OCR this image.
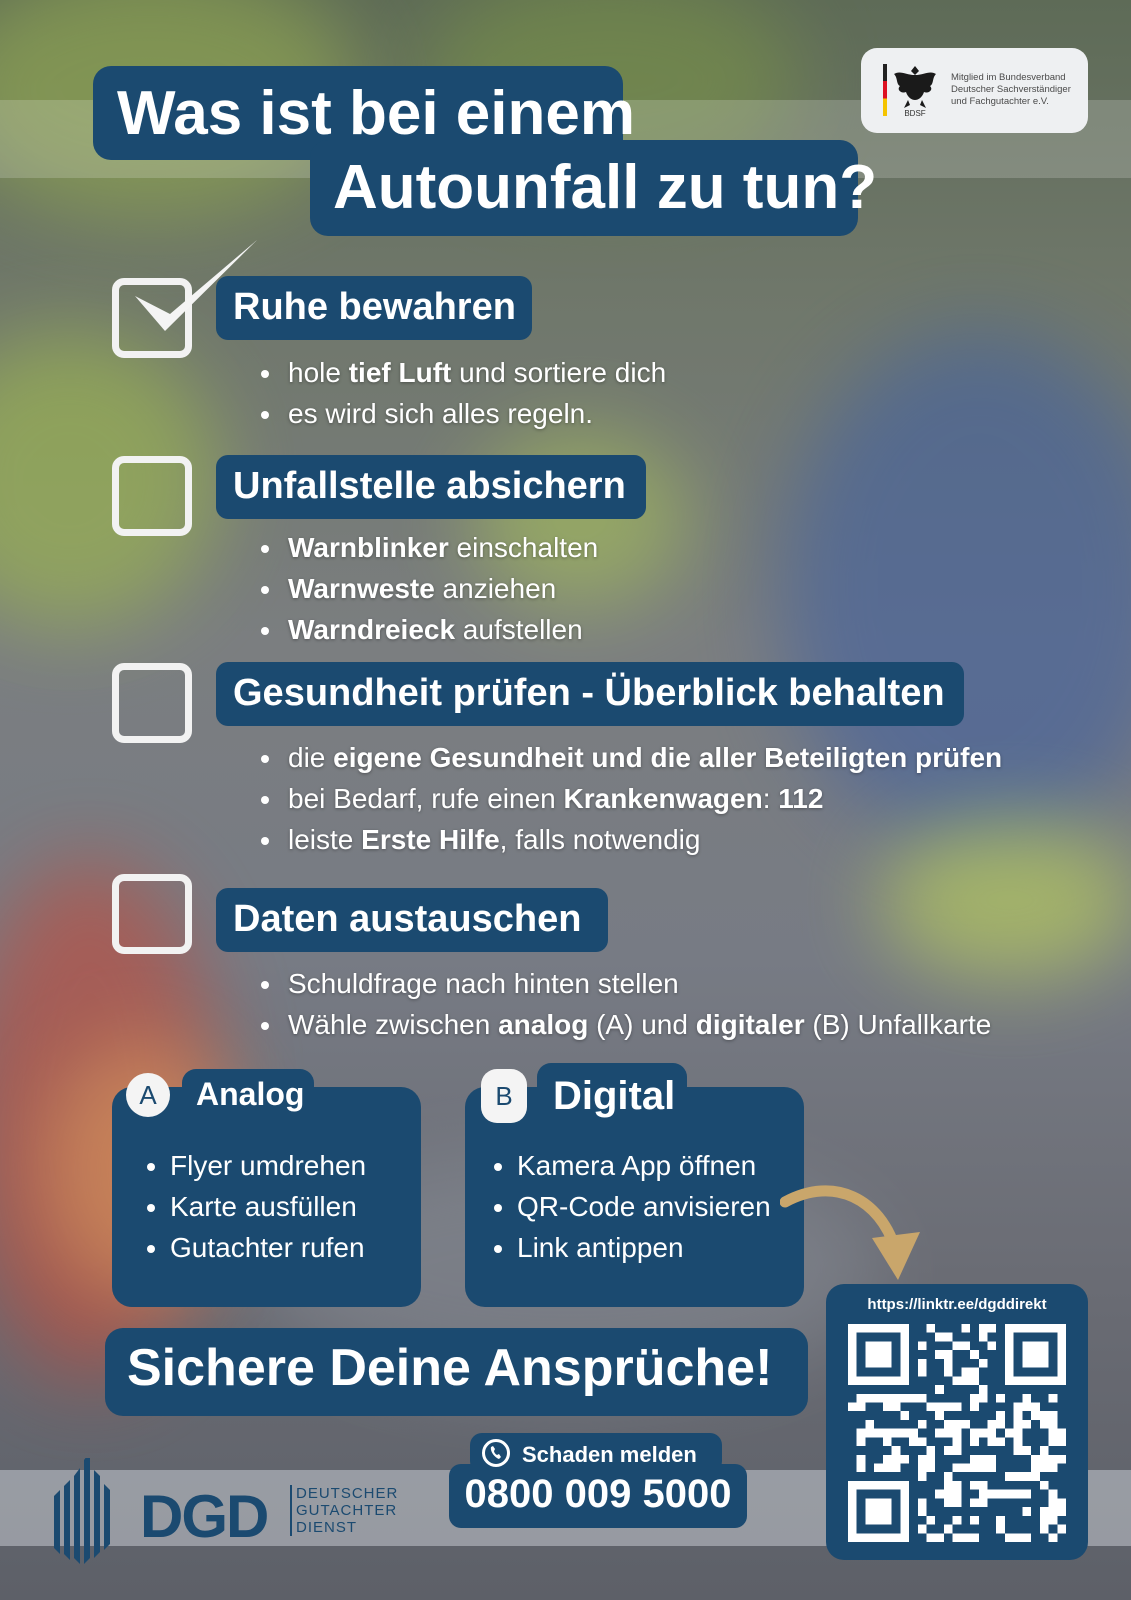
Was ist bei einem
Autounfall zu tun?
BDSF
Mitglied im Bundesverband
Deutscher Sachverständiger
und Fachgutachter e.V.
Ruhe bewahren
• hole tief Luft und sortiere dich
• es wird sich alles regeln.
Unfallstelle absichern
• Warnblinker einschalten
• Warnweste anziehen
• Warndreieck aufstellen
Gesundheit prüfen - Überblick behalten
• die eigene Gesundheit und die aller Beteiligten prüfen
• bei Bedarf, rufe einen Krankenwagen: 112
• leiste Erste Hilfe, falls notwendig
Daten austauschen
• Schuldfrage nach hinten stellen
• Wähle zwischen analog (A) und digitaler (B) Unfallkarte
A	Analog
• Flyer umdrehen
• Karte ausfüllen
• Gutachter rufen
B	Digital
• Kamera App öffnen
• QR-Code anvisieren
• Link antippen
Sichere Deine Ansprüche!
https://linktr.ee/dgddirekt
Schaden melden
0800 009 5000
DGD DEUTSCHER
GUTACHTER
DIENST
